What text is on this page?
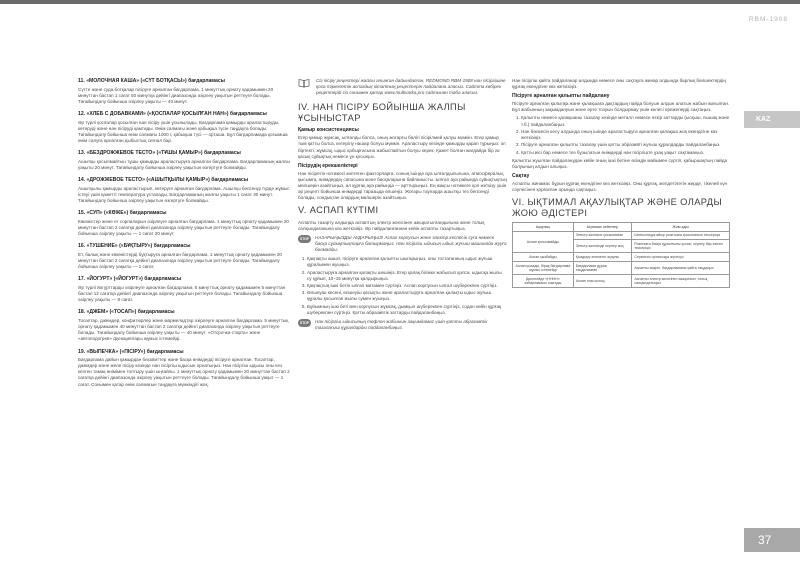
RBM-1908
KAZ
37
11. «МОЛОЧНАЯ КАША» («СҮТ БОТҚАСЫ») бағдарламасы

Сүтте және суда ботқалар пісіруге арналған бағдарлама. 1 минуттық орнату қадамымен 20 минуттан бастап 1 сағат 50 минутқа дейінгі диапазонда әзірлеу уақытын реттеуге болады. Тағайындалу бойынша әзірлеу уақыты — 40 минут.

12. «ХЛЕБ С ДОБАВКАМИ» («ҚОСПАЛАР ҚОСЫЛҒАН НАН») бағдарламасы

Әр түрлі қоспалар қосылған нан пісіру үшін ұсынылады. Бағдарлама қамырды араластыруды, көтеруді және нан пісіруді қамтиды. Өнім салмағы және қабықша түсін таңдауға болады. Тағайындалу бойынша өнім салмағы 1000 г, қабықша түсі — орташа. Бұл бағдарламада қосымша өнім салуға арналған дыбыстық сигнал бар.

13. «БЕЗДРОЖЖЕВОЕ ТЕСТО» («ТҰШЫ ҚАМЫР») бағдарламасы

Ашытқы қосылмайтын тұшы қамырды араластыруға арналған бағдарлама. Бағдарламаның жалпы уақыты 20 минут. Тағайындалу бойынша әзірлеу уақытын өзгертуге болмайды.

14. «ДРОЖЖЕВОЕ ТЕСТО» («АШЫТҚЫЛЫ ҚАМЫР») бағдарламасы

Ашытқылы қамырды араластырып, көтеруге арналған бағдарлама. Ашытқы белсенді түрде жұмыс істеуі үшін қажетті температура ұсталады. Бағдарламаның жалпы уақыты 1 сағат 30 минут. Тағайындалу бойынша әзірлеу уақытын өзгертуге болмайды.

15. «СУП» («КӨЖЕ») бағдарламасы

Көкөністер және ет сорпаларын әзірлеуге арналған бағдарлама. 1 минуттық орнату қадамымен 20 минуттан бастап 2 сағатқа дейінгі диапазонда әзірлеу уақытын реттеуге болады. Тағайындалу бойынша әзірлеу уақыты — 1 сағат 20 минут.

16. «ТУШЕНИЕ» («БҰҚТЫРУ») бағдарламасы

Ет, балық және көкөністерді бұқтыруға арналған бағдарлама. 1 минуттық орнату қадамымен 20 минуттан бастап 2 сағатқа дейінгі диапазонда әзірлеу уақытын реттеуге болады. Тағайындалу бойынша әзірлеу уақыты — 1 сағат.

17. «ЙОГУРТ» («ЙОГУРТ») бағдарламасы

Әр түрлі йогурттарды әзірлеуге арналған бағдарлама. 5 минуттық орнату қадамымен 5 минуттан бастап 12 сағатқа дейінгі диапазонда әзірлеу уақытын реттеуге болады. Тағайындалу бойынша әзірлеу уақыты — 8 сағат.

18. «ДЖЕМ» («ТОСАП») бағдарламасы

Тосаптар, джемдер, конфитюрлер және мармеладтар әзірлеуге арналған бағдарлама. 5 минуттық орнату қадамымен 40 минуттан бастап 2 сағатқа дейінгі диапазонда әзірлеу уақытын реттеуге болады. Тағайындалу бойынша әзірлеу уақыты — 40 минут. «Отсрочка старта» және «автоподогрев» функциялары жұмыс істемейді.

19. «ВЫПЕЧКА» («ПІСІРУ») бағдарламасы

Бағдарлама дайын қамырдан бисквиттер және басқа өнімдерді пісіруге арналған. Тосаптар, джемдер және желе пісіру кезінде нан пісіргіш ыдысын орнатыңыз. Нан пісіргіш ыдысы оны кез келген тамақ өнімімен толтыру үшін ыңғайлы. 1 минуттық орнату қадамымен 20 минуттан бастап 2 сағатқа дейінгі диапазонда әзірлеу уақытын реттеуге болады. Тағайындалу бойынша уақыт — 1 сағат. Сонымен қатар өнім салмағын таңдауға мүмкіндігі жоқ.

Сіз пісіру рецептері жайлы алынған дайындалған, REDMOND RBM-1908 нан пісіргішіне қоса тіркелетін аспаздық кітаптың рецептерін пайдалана аласыз. Сайтта көбірек рецептерді сіз сонымен қатар www.multivarka.pro сайтынан таба аласыз.
IV. НАН ПІСІРУ БОЙЫНША ЖАЛПЫ ҰСЫНЫСТАР
Қамыр консистенциясы

Егер қамыр жұмсақ, ылғалды болса, оның жоғарғы бөлігі пісірілмей қалуы мүмкін. Егер қамыр тым қатты болса, көтерілу нашар болуы мүмкін. Араластыру кезінде қамырды қарап тұрыңыз: ол біртекті, жұмсақ, ыдыс қабырғасына жабыспайтын болуы керек. Қажет болған жағдайда бір ас қасық сұйықтық немесе ұн қосыңыз.

Пісірудің ерекшеліктері

Нан пісіретін нәтижесі көптеген факторларға, соның ішінде ауа ылғалдылығына, атмосфералық қысымға, өнімдердің сапасына және басқаларына байланысты. Ылғал ауа райында сұйықтықтың мөлшерін азайтыңыз, ал құрғақ ауа райында — арттырыңыз. Ең жақсы нәтижеге қол жеткізу үшін әр рецепт бойынша өнімдерді таразыда өлшеңіз. Жоғары тауларда ашытқы тез белсенді болады, сондықтан олардың мөлшерін азайтыңыз.

V. АСПАП КҮТІМІ

Аспапты тазарту алдында аспаптың электр желісінен ажыратылғандығына және толық салқындағанына көз жеткізіңіз. Әр пайдаланғаннан кейін аспапты тазартыңыз.

STOP	НАЗАРЫҢЫЗДЫ АУДАРЫҢЫЗ! Аспап корпусын және электр кеспесін суға немесе басқа сұйықтықтарға батырмаңыз. Нан пісіргіш ыдысын ыдыс жуғыш машинада жууға болмайды.
1. Қақпақты ашып, пісіруге арналған қалыпты шығарыңыз, оны тостағанның ыдыс жуғыш құралымен жуыңыз.
2. Араластыруға арналған қалақты шешіңіз. Егер қалақ білікке жабысып қалса, ыдысқа жылы су құйып, 10–15 минутқа қалдырыңыз.
3. Қақпақтың ішкі бетін ылғал матамен сүртіңіз. Аспап корпусын ылғал шүберекпен сүртіңіз.
4. Өлшеуіш кесені, өлшеуіш қасықты және араластыруға арналған қалақты ыдыс жуғыш құралы қосылған жылы сумен жуыңыз.
5. Бұйымның ішкі беті мен корпусын жұмсақ, дымқыл шүберекпен сүртіңіз, содан кейін құрғақ шүберекпен сүртіңіз. Қатты абразивтік заттарды пайдаланбаңыз.
STOP	Нан пісіргіш ыдысының тефлон жабынын зақымдамас үшін қатты абразивтік тазалағыш құралдарды пайдаланбаңыз.

Нан пісіргіш қайта пайдаланар алдында немесе оны сақтауға жинар алдында барлық бөлшектердің құрғақ екендігіне көз жеткізіңіз.

Пісіруге арналған қалыпты пайдалану

Пісіруге арналған қалыпқа және қалақшаға дақтардың пайда болуын алдын алатын жабын жағылған. Бұл жабынның зақымдануын және ерте тозуын болдырмау үшін келесі ережелерді сақтаңыз.

1. Қалыпты немесе қалақшаны тазалау кезінде металл немесе өткір заттарды (ысқыш, пышақ және т.б.) пайдаланбаңыз.
2. Нан бөлкесін кесу алдында оның ішінде араластыруға арналған қалақша жоқ екендігіне көз жеткізіңіз.
3. Пісіруге арналған қалыпты тазалау үшін қатты абразивті жуғыш құралдарды пайдаланбаңыз.
4. Қатты иісі бар немесе тез бұзылатын өнімдерді нан пісіргіште ұзақ уақыт сақтамаңыз.

Қалыпты жуылған пайдаланудан кейін оның ішкі бетіне өсімдік майымен сүртіп, қабыршақтың пайда болуының алдын алыңыз.

Сақтау

Аспапты жинамас бұрын құрғақ екендігіне көз жеткізіңіз. Оны құрғақ, желдетілетін жерде, тікелей күн сәулесінен қорғалған орында сақтаңыз.

VI. ЫҚТИМАЛ АҚАУЛЫҚТАР ЖӘНЕ ОЛАРДЫ ЖОЮ ӘДІСТЕРІ
Ақаулық	Ықтимал себептер	Жою әдісі
Аспап қосылмайды	Электр желісіне қосылмаған	Штепсельдік айыр розеткаға қосылғанын тексеріңіз
	Электр желісінде кернеу жоқ	Розеткаға басқа құрылғыны қосып, кернеу бар екенін тексеріңіз
Аспап қызбайды	Қыздыру элементі ақаулы	Сервистік орталыққа жүгініңіз
Аспап қызады, бірақ бағдарлама жұмыс істемейді	Бағдарлама дұрыс таңдалмаған	Аспапты өшіріп, бағдарламаны қайта таңдаңыз
Дисплейде «НННН» хабарламасы шығады	Аспап тым ыстық	Аспапты электр желісінен ажыратып, толық салқындатыңыз
